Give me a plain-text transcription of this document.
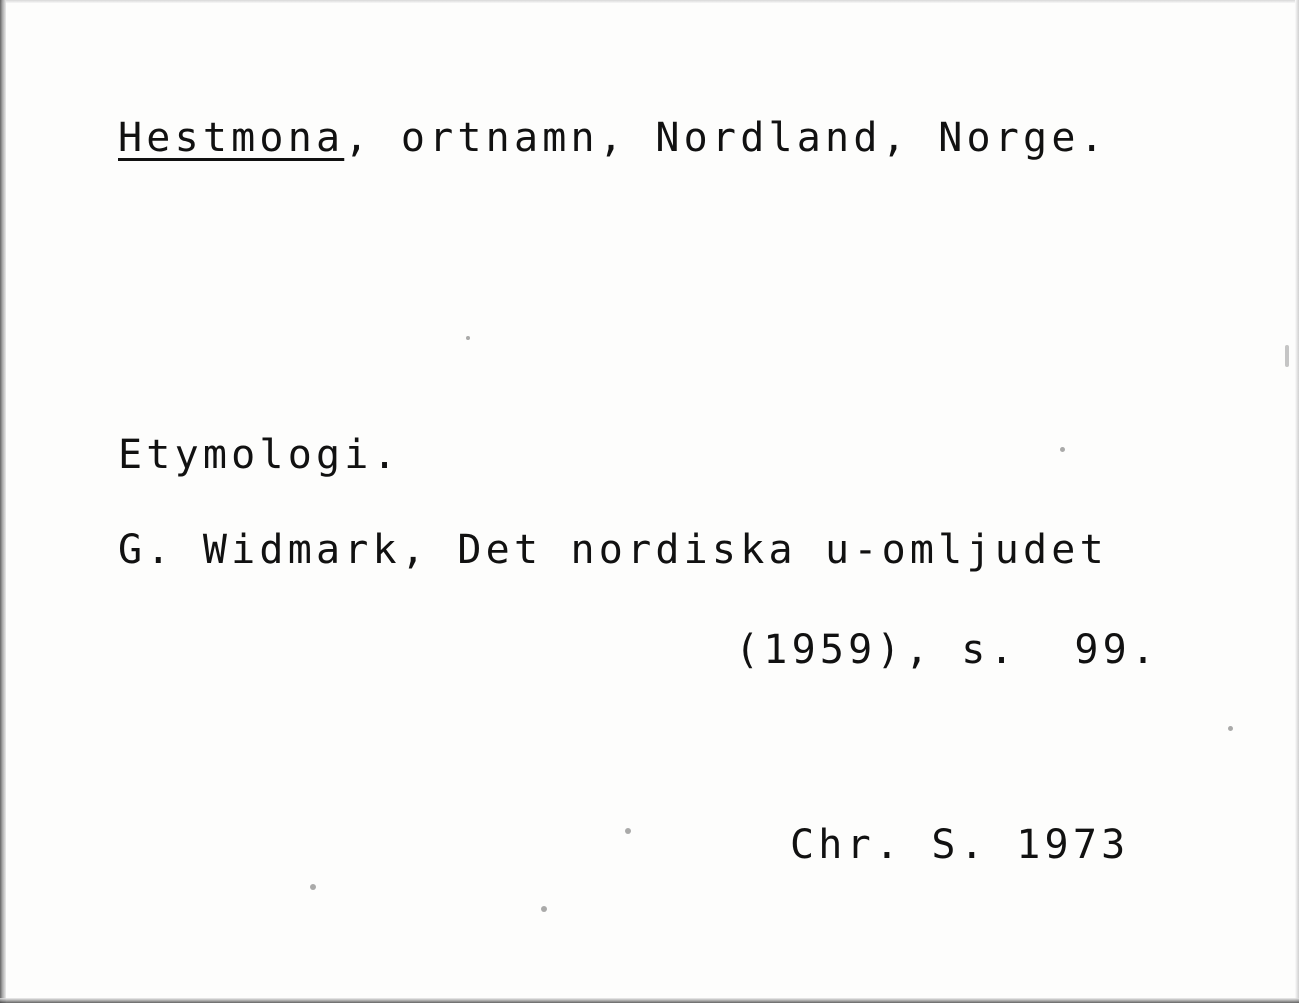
Hestmona, ortnamn, Nordland, Norge.
Etymologi.
G. Widmark, Det nordiska u-omljudet
(1959), s.  99.
Chr. S. 1973
